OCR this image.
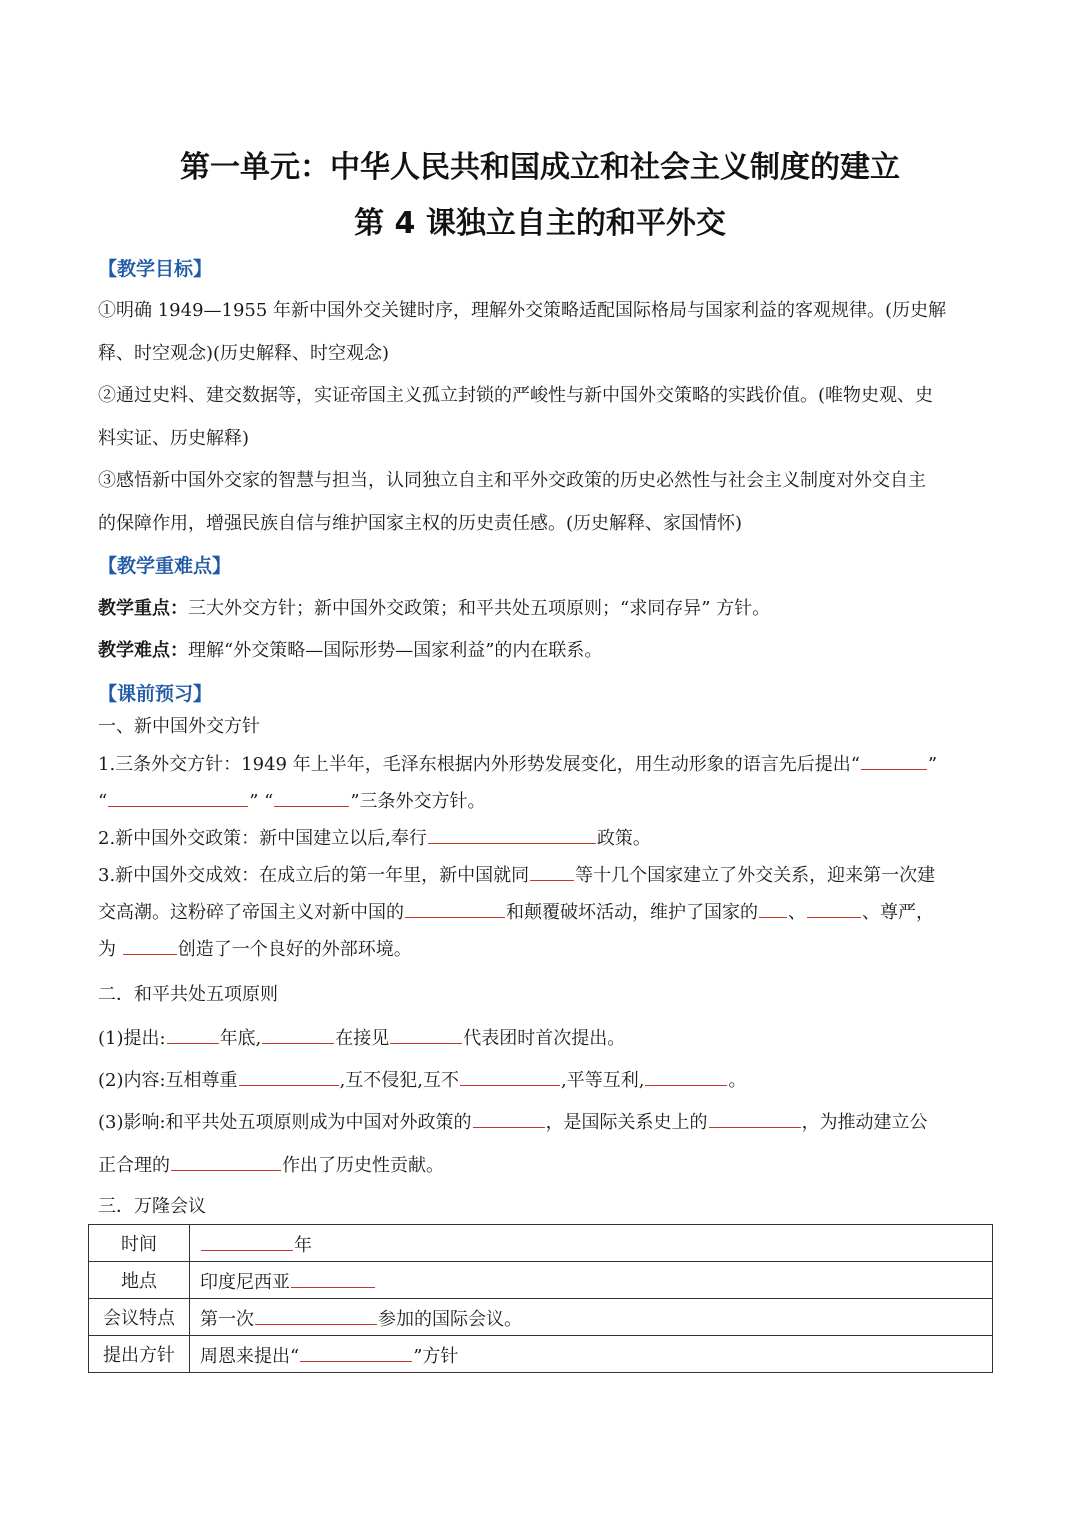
第一单元：中华人民共和国成立和社会主义制度的建立
第 4 课独立自主的和平外交
【教学目标】
①明确 1949—1955 年新中国外交关键时序，理解外交策略适配国际格局与国家利益的客观规律。(历史解
释、时空观念)(历史解释、时空观念)
②通过史料、建交数据等，实证帝国主义孤立封锁的严峻性与新中国外交策略的实践价值。(唯物史观、史
料实证、历史解释)
③感悟新中国外交家的智慧与担当，认同独立自主和平外交政策的历史必然性与社会主义制度对外交自主
的保障作用，增强民族自信与维护国家主权的历史责任感。(历史解释、家国情怀)
【教学重难点】
教学重点：三大外交方针；新中国外交政策；和平共处五项原则；“求同存异” 方针。
教学难点：理解“外交策略—国际形势—国家利益”的内在联系。
【课前预习】
一、新中国外交方针
1.三条外交方针：1949 年上半年，毛泽东根据内外形势发展变化，用生动形象的语言先后提出“	”
“	” “	”三条外交方针。
2.新中国外交政策：新中国建立以后,奉行	政策。
3.新中国外交成效：在成立后的第一年里，新中国就同	等十几个国家建立了外交关系，迎来第一次建
交高潮。这粉碎了帝国主义对新中国的	和颠覆破坏活动，维护了国家的 、	、尊严，
为	创造了一个良好的外部环境。
二．和平共处五项原则
(1)提出:	年底,	在接见	代表团时首次提出。
(2)内容:互相尊重	,互不侵犯,互不	,平等互利,	。
(3)影响:和平共处五项原则成为中国对外政策的	，是国际关系史上的	，为推动建立公
正合理的	作出了历史性贡献。
三．万隆会议
时间	年
地点	印度尼西亚
会议特点	第一次 参加的国际会议。
提出方针	周恩来提出“ ”方针
